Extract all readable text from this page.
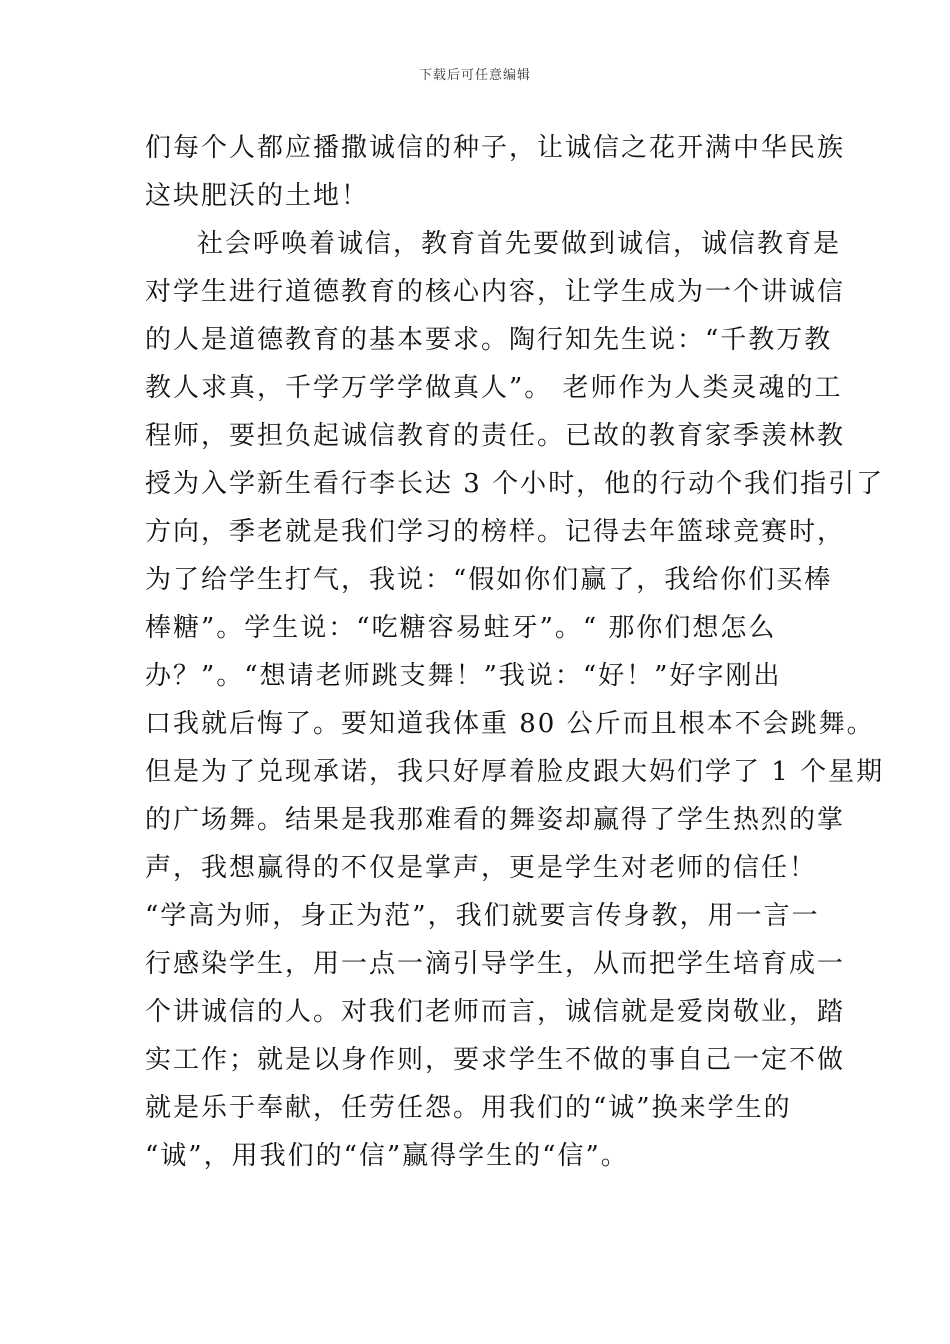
下载后可任意编辑
们每个人都应播撒诚信的种子，让诚信之花开满中华民族
这块肥沃的土地！
社会呼唤着诚信，教育首先要做到诚信，诚信教育是
对学生进行道德教育的核心内容，让学生成为一个讲诚信
的人是道德教育的基本要求。陶行知先生说：“千教万教
教人求真，千学万学学做真人”。 老师作为人类灵魂的工
程师，要担负起诚信教育的责任。已故的教育家季羡林教
授为入学新生看行李长达 3 个小时，他的行动个我们指引了
方向，季老就是我们学习的榜样。记得去年篮球竞赛时，
为了给学生打气，我说：“假如你们赢了，我给你们买棒
棒糖”。学生说：“吃糖容易蛀牙”。“ 那你们想怎么
办？”。“想请老师跳支舞！”我说：“好！”好字刚出
口我就后悔了。要知道我体重 80 公斤而且根本不会跳舞。
但是为了兑现承诺，我只好厚着脸皮跟大妈们学了 1 个星期
的广场舞。结果是我那难看的舞姿却赢得了学生热烈的掌
声，我想赢得的不仅是掌声，更是学生对老师的信任！
“学高为师，身正为范”，我们就要言传身教，用一言一
行感染学生，用一点一滴引导学生，从而把学生培育成一
个讲诚信的人。对我们老师而言，诚信就是爱岗敬业，踏
实工作；就是以身作则，要求学生不做的事自己一定不做
就是乐于奉献，任劳任怨。用我们的“诚”换来学生的
“诚”，用我们的“信”赢得学生的“信”。
